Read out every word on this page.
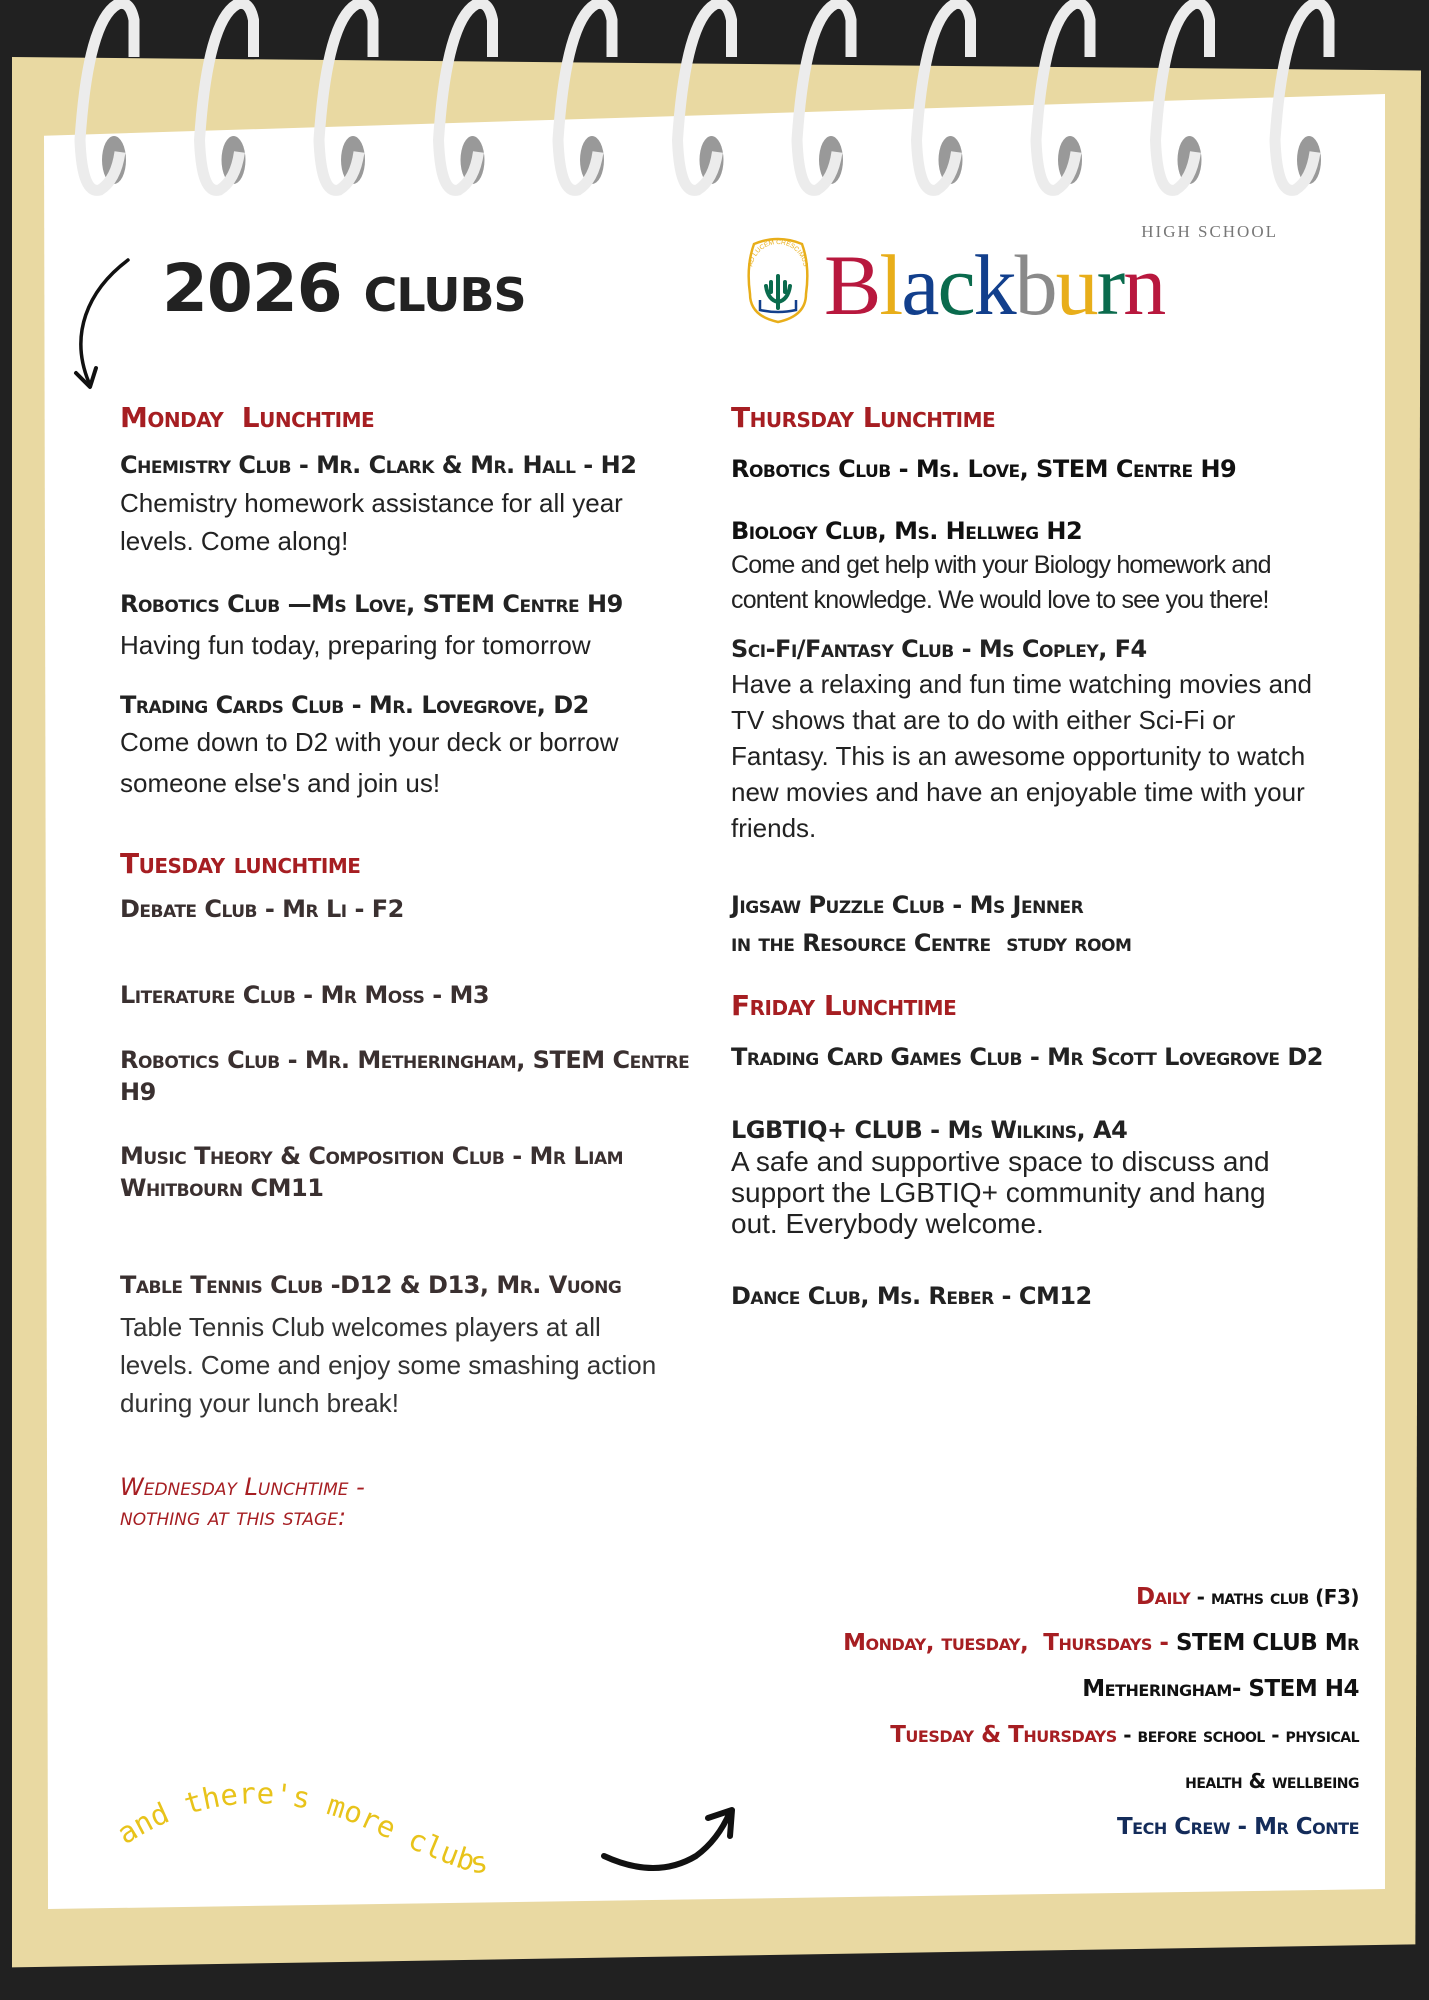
2026 clubs	AD LUCEM CRESCIMUS Blackburn
HIGH SCHOOL
Monday  Lunchtime
Chemistry Club - Mr. Clark & Mr. Hall - H2
Chemistry homework assistance for all year levels. Come along!
Robotics Club —Ms Love, STEM Centre H9
Having fun today, preparing for tomorrow
Trading Cards Club - Mr. Lovegrove, D2
Come down to D2 with your deck or borrow someone else's and join us!
Tuesday lunchtime
Debate Club - Mr Li - F2
Literature Club - Mr Moss - M3
Robotics Club - Mr. Metheringham, STEM Centre H9
Music Theory & Composition Club - Mr Liam Whitbourn CM11
Table Tennis Club -D12 & D13, Mr. Vuong
Table Tennis Club welcomes players at all levels. Come and enjoy some smashing action during your lunch break!
Wednesday Lunchtime -
nothing at this stage:
Thursday Lunchtime
Robotics Club - Ms. Love, STEM Centre H9
Biology Club, Ms. Hellweg H2
Come and get help with your Biology homework and content knowledge. We would love to see you there!
Sci-Fi/Fantasy Club - Ms Copley, F4
Have a relaxing and fun time watching movies and TV shows that are to do with either Sci-Fi or Fantasy. This is an awesome opportunity to watch new movies and have an enjoyable time with your friends.
Jigsaw Puzzle Club - Ms Jenner
in the Resource Centre  study room
Friday Lunchtime
Trading Card Games Club - Mr Scott Lovegrove D2
LGBTIQ+ CLUB - Ms Wilkins, A4
A safe and supportive space to discuss and support the LGBTIQ+ community and hang out. Everybody welcome.
Dance Club, Ms. Reber - CM12
Daily - maths club (F3)
Monday, tuesday,  Thursdays - STEM CLUB Mr
Metheringham- STEM H4
Tuesday & Thursdays - before school - physical
health & wellbeing
Tech Crew - Mr Conte
and there's more clubs
